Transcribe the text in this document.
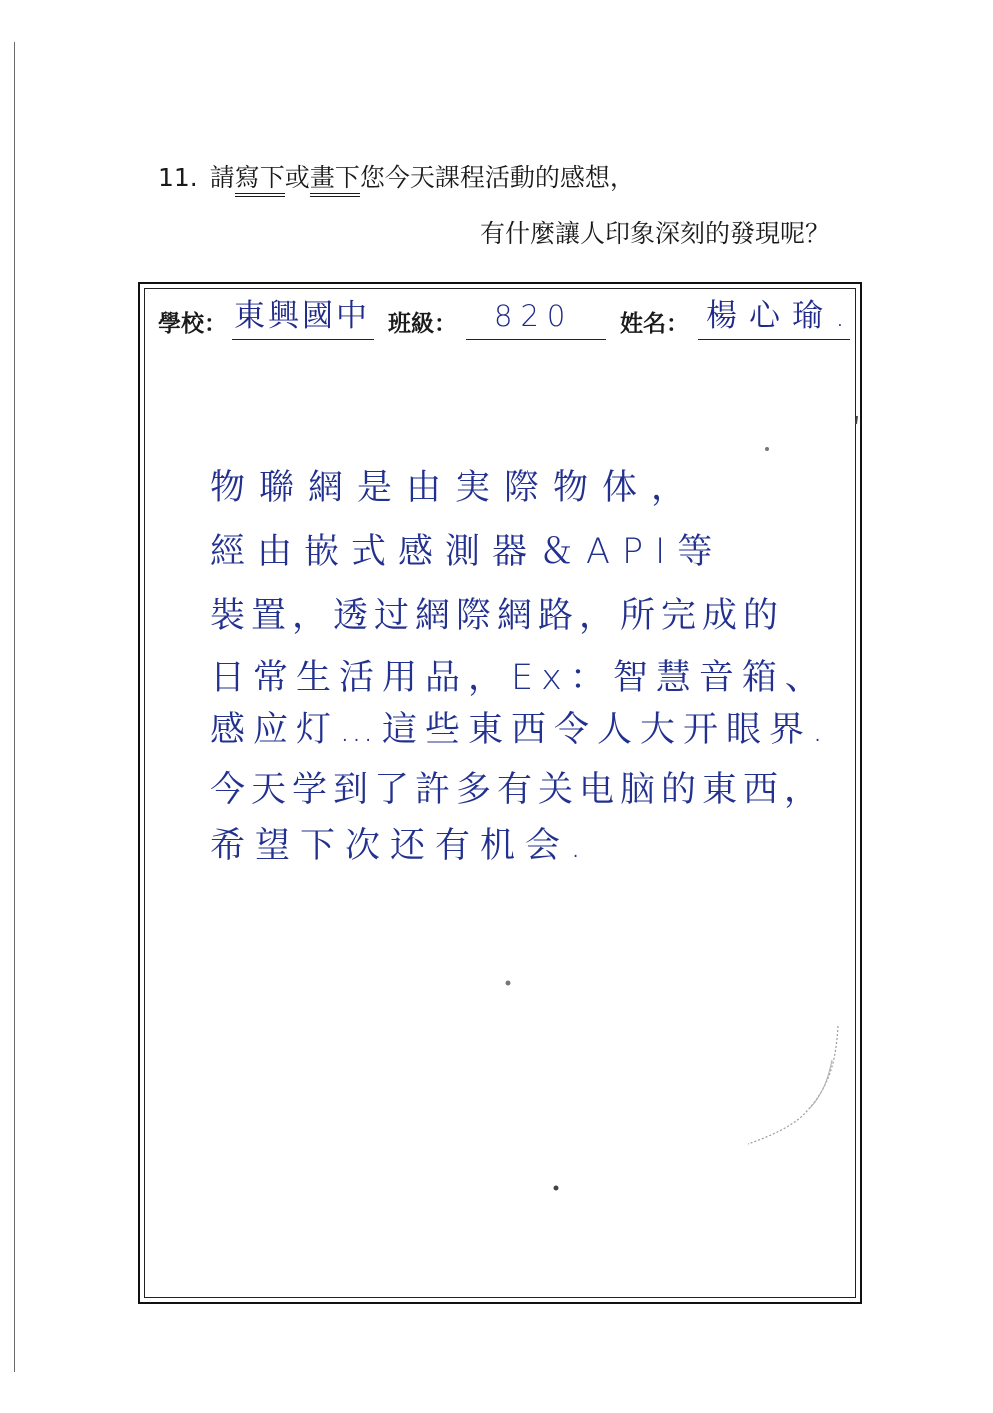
11. 請寫下或畫下您今天課程活動的感想，
有什麼讓人印象深刻的發現呢？
學校： 東興國中 班級： 820 姓名： 楊心瑜.
物聯網是由実際物体，
經由嵌式感測器＆API等
裝置，透过網際網路，所完成的
日常生活用品，Ex：智慧音箱、
感应灯…這些東西令人大开眼界.
今天学到了許多有关电脑的東西，
希望下次还有机会.
